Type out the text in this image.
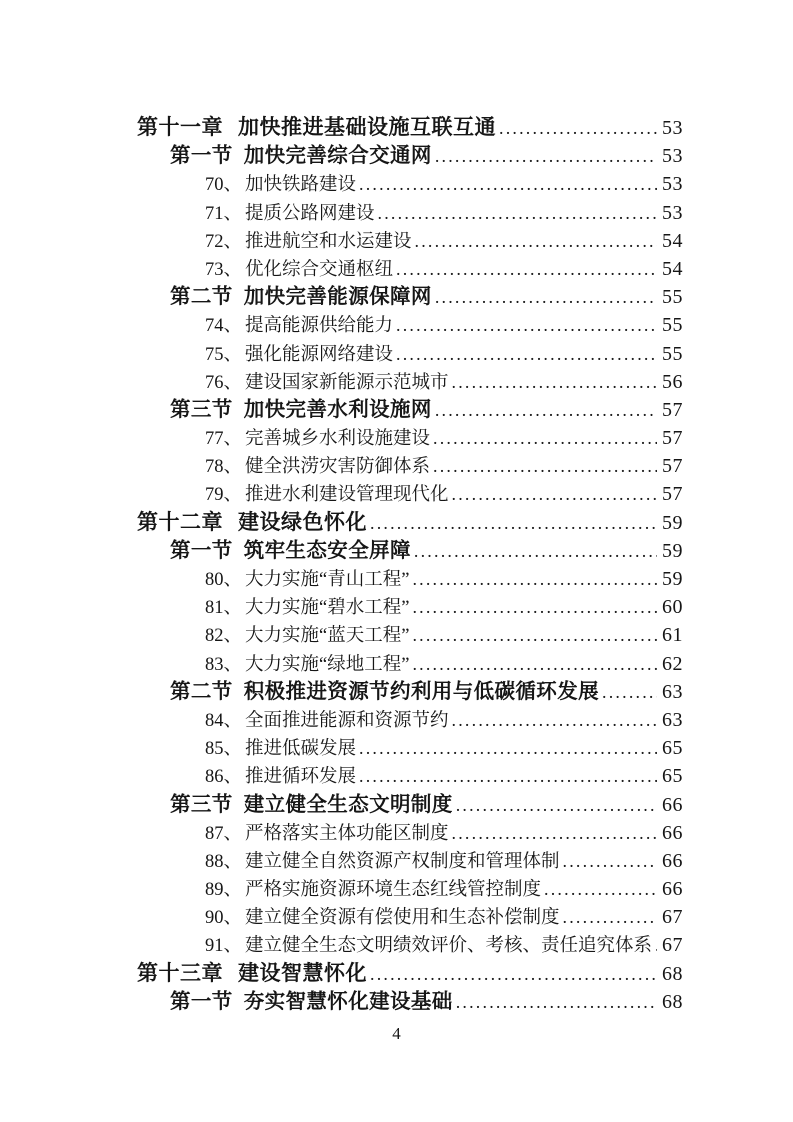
第十一章 加快推进基础设施互联互通 .....	53
第一节 加快完善综合交通网 .....	53
70、 加快铁路建设 .....	53
71、 提质公路网建设 .....	53
72、 推进航空和水运建设 .....	54
73、 优化综合交通枢纽 .....	54
第二节 加快完善能源保障网 .....	55
74、 提高能源供给能力 .....	55
75、 强化能源网络建设 .....	55
76、 建设国家新能源示范城市 .....	56
第三节 加快完善水利设施网 .....	57
77、 完善城乡水利设施建设 .....	57
78、 健全洪涝灾害防御体系 .....	57
79、 推进水利建设管理现代化 .....	57
第十二章 建设绿色怀化 .....	59
第一节 筑牢生态安全屏障 .....	59
80、 大力实施“青山工程” .....	59
81、 大力实施“碧水工程” .....	60
82、 大力实施“蓝天工程” .....	61
83、 大力实施“绿地工程” .....	62
第二节 积极推进资源节约利用与低碳循环发展 .....	63
84、 全面推进能源和资源节约 .....	63
85、 推进低碳发展 .....	65
86、 推进循环发展 .....	65
第三节 建立健全生态文明制度 .....	66
87、 严格落实主体功能区制度 .....	66
88、 建立健全自然资源产权制度和管理体制 .....	66
89、 严格实施资源环境生态红线管控制度 .....	66
90、 建立健全资源有偿使用和生态补偿制度 .....	67
91、 建立健全生态文明绩效评价、考核、责任追究体系 ..... 67
第十三章 建设智慧怀化 .....	68
第一节 夯实智慧怀化建设基础 .....	68
4
